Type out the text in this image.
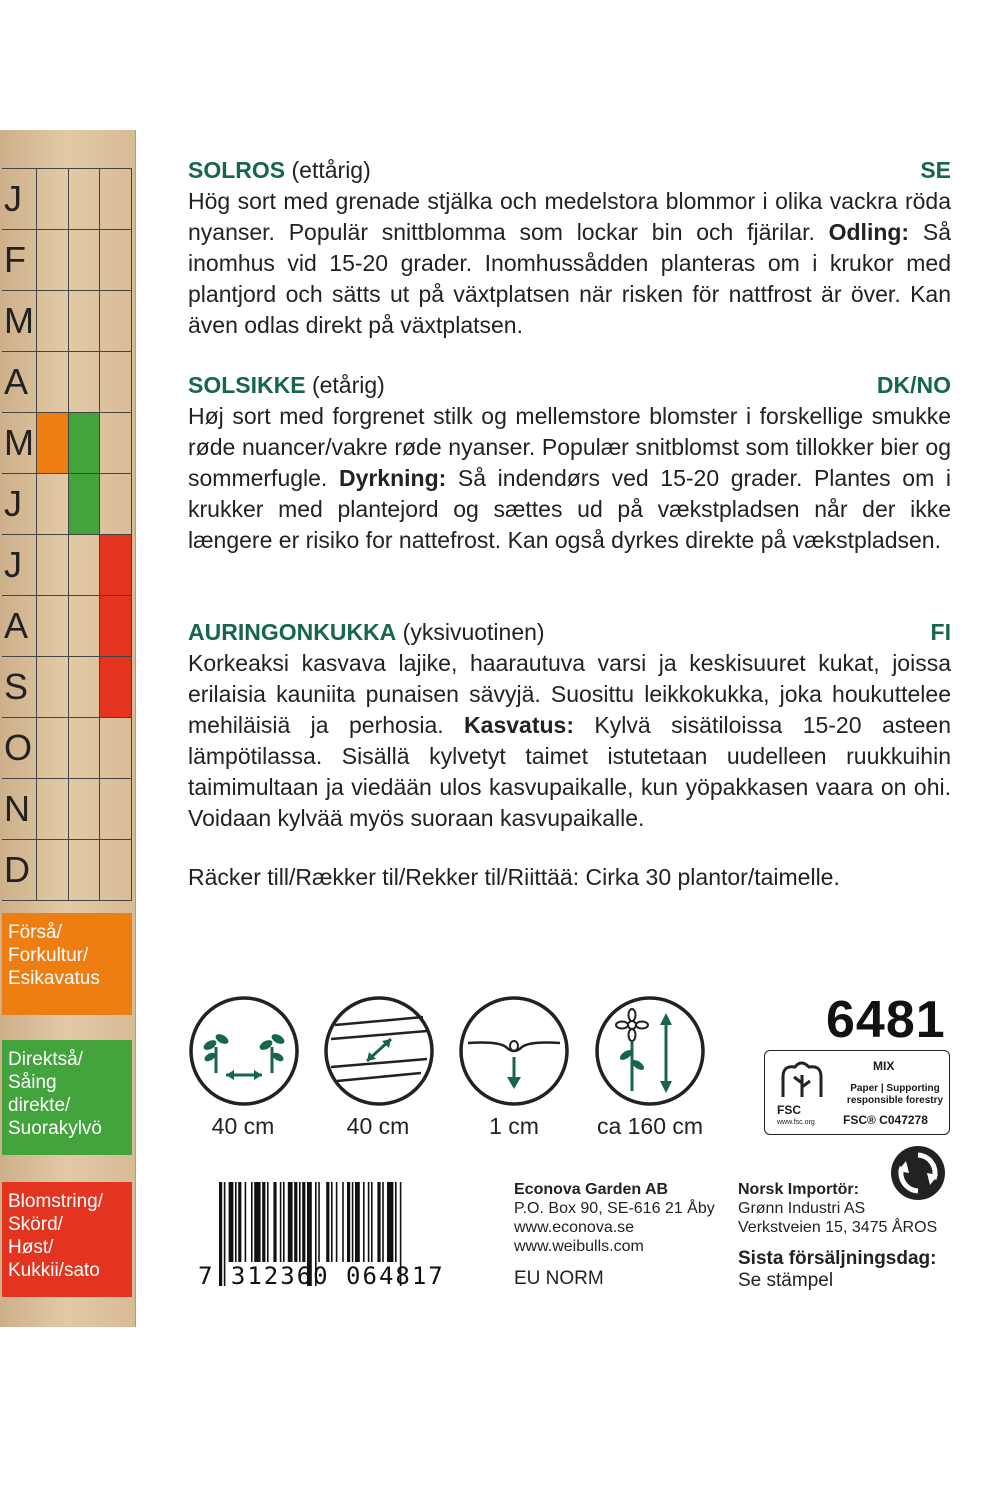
J
F
M
A
M
J
J
A
S
O
N
D
Förså/
Forkultur/
Esikavatus
Direktså/
Såing
direkte/
Suorakylvö
Blomstring/
Skörd/
Høst/
Kukkii/sato
SOLROS (ettårig)	SE

Hög sort med grenade stjälka och medelstora blommor i olika vackra röda nyanser. Populär snittblomma som lockar bin och fjärilar. Odling: Så inomhus vid 15-20 grader. Inomhussådden planteras om i krukor med plantjord och sätts ut på växtplatsen när risken för nattfrost är över. Kan även odlas direkt på växtplatsen.

SOLSIKKE (etårig)	DK/NO

Høj sort med forgrenet stilk og mellemstore blomster i forskellige smukke røde nuancer/vakre røde nyanser. Populær snitblomst som tillokker bier og sommerfugle. Dyrkning: Så indendørs ved 15-20 grader. Plantes om i krukker med plantejord og sættes ud på vækstpladsen når der ikke længere er risiko for nattefrost. Kan også dyrkes direkte på vækstpladsen.

AURINGONKUKKA (yksivuotinen)	FI

Korkeaksi kasvava lajike, haarautuva varsi ja keskisuuret kukat, joissa erilaisia kauniita punaisen sävyjä. Suosittu leikkokukka, joka houkuttelee mehiläisiä ja perhosia. Kasvatus: Kylvä sisätiloissa 15-20 asteen lämpötilassa. Sisällä kylvetyt taimet istutetaan uudelleen ruukkuihin taimimultaan ja viedään ulos kasvupaikalle, kun yöpakkasen vaara on ohi. Voidaan kylvää myös suoraan kasvupaikalle.

Räcker till/Rækker til/Rekker til/Riittää: Cirka 30 plantor/taimelle.
40 cm	40 cm	1 cm	ca 160 cm
6481
FSC
www.fsc.org
MIX
Paper | Supporting responsible forestry
FSC® C047278
7 312360 064817
Econova Garden AB
P.O. Box 90, SE-616 21 Åby
www.econova.se
www.weibulls.com
EU NORM
Norsk Importör:
Grønn Industri AS
Verkstveien 15, 3475 ÅROS
Sista försäljningsdag:
Se stämpel
